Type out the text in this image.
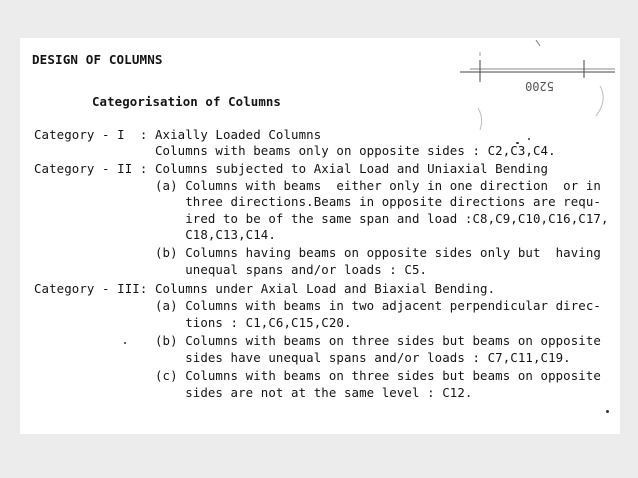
5200
DESIGN OF COLUMNS
Categorisation of Columns
Category - I  : Axially Loaded Columns
Columns with beams only on opposite sides : C2,C3,C4.
Category - II : Columns subjected to Axial Load and Uniaxial Bending
(a) Columns with beams  either only in one direction  or in
three directions.Beams in opposite directions are requ-
ired to be of the same span and load :C8,C9,C10,C16,C17,
C18,C13,C14.
(b) Columns having beams on opposite sides only but  having
unequal spans and/or loads : C5.
Category - III: Columns under Axial Load and Biaxial Bending.
(a) Columns with beams in two adjacent perpendicular direc-
tions : C1,C6,C15,C20.
(b) Columns with beams on three sides but beams on opposite
sides have unequal spans and/or loads : C7,C11,C19.
(c) Columns with beams on three sides but beams on opposite
sides are not at the same level : C12.
